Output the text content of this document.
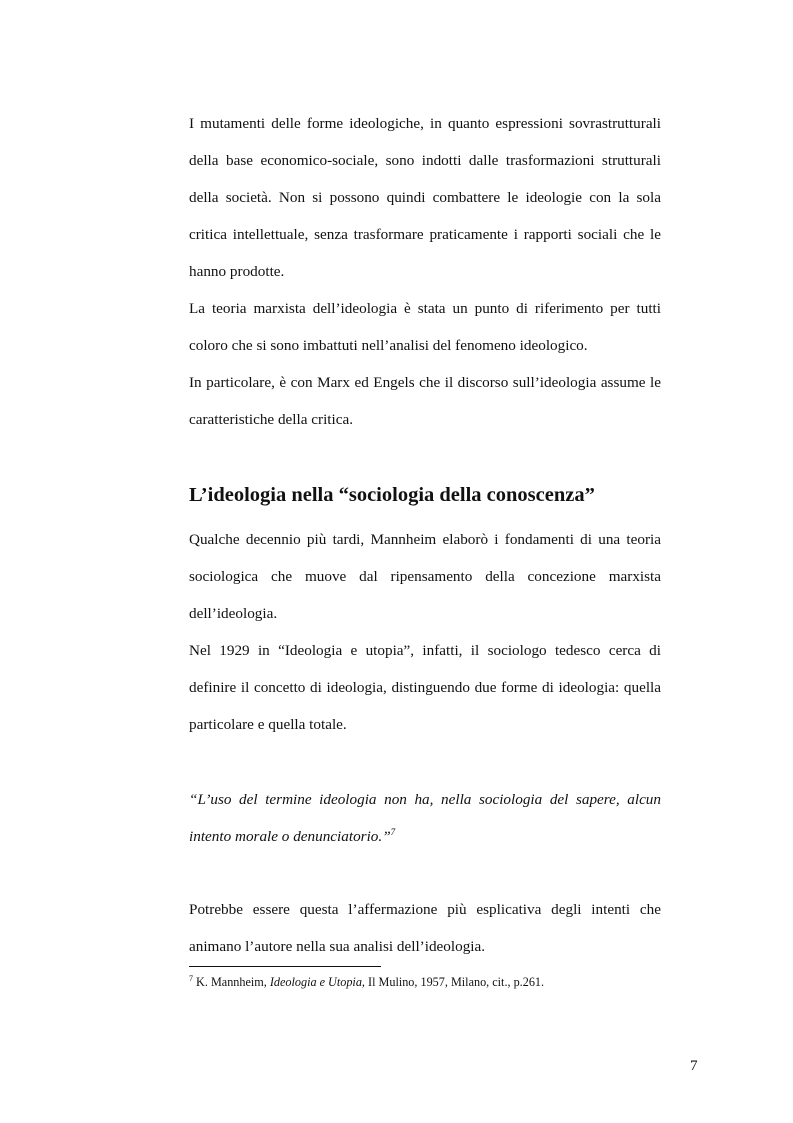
I mutamenti delle forme ideologiche, in quanto espressioni sovrastrutturali della base economico-sociale, sono indotti dalle trasformazioni strutturali della società. Non si possono quindi combattere le ideologie con la sola critica intellettuale, senza trasformare praticamente i rapporti sociali che le hanno prodotte.

La teoria marxista dell’ideologia è stata un punto di riferimento per tutti coloro che si sono imbattuti nell’analisi del fenomeno ideologico.

In particolare, è con Marx ed Engels che il discorso sull’ideologia assume le caratteristiche della critica.

L’ideologia nella “sociologia della conoscenza”

Qualche decennio più tardi, Mannheim elaborò i fondamenti di una teoria sociologica che muove dal ripensamento della concezione marxista dell’ideologia.

Nel 1929 in “Ideologia e utopia”, infatti, il sociologo tedesco cerca di definire il concetto di ideologia, distinguendo due forme di ideologia: quella particolare e quella totale.

“L’uso del termine ideologia non ha, nella sociologia del sapere, alcun intento morale o denunciatorio.”$^7$

Potrebbe essere questa l’affermazione più esplicativa degli intenti che animano l’autore nella sua analisi dell’ideologia.

$^7$ K. Mannheim, Ideologia e Utopia, Il Mulino, 1957, Milano, cit., p.261.

7
